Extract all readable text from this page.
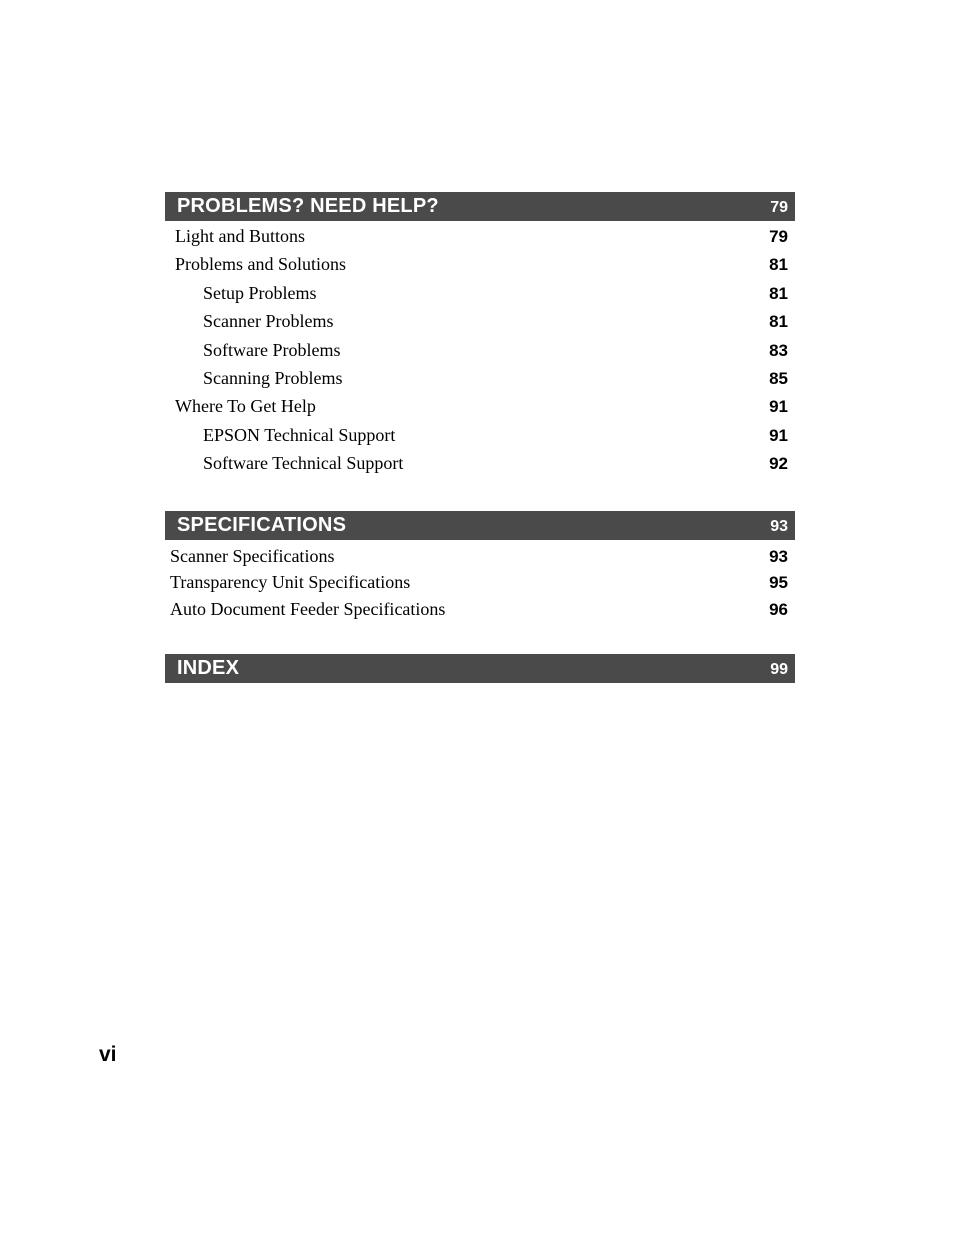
PROBLEMS? NEED HELP?	79
Light and Buttons	79
Problems and Solutions	81
Setup Problems	81
Scanner Problems	81
Software Problems	83
Scanning Problems	85
Where To Get Help	91
EPSON Technical Support	91
Software Technical Support	92
SPECIFICATIONS	93
Scanner Specifications	93
Transparency Unit Specifications	95
Auto Document Feeder Specifications	96
INDEX	99
vi
